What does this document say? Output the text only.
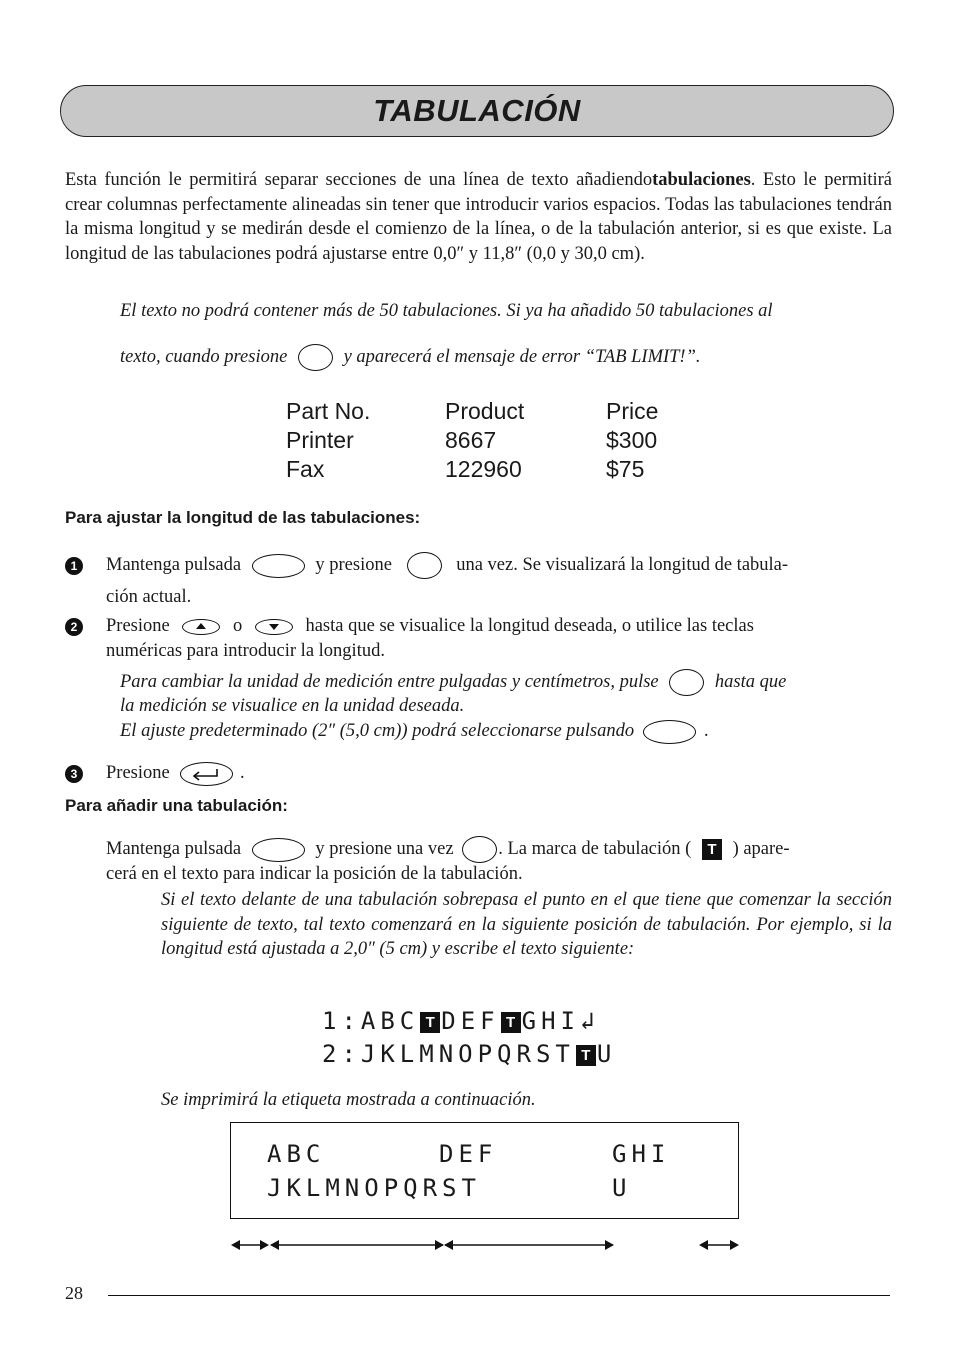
TABULACIÓN
Esta función le permitirá separar secciones de una línea de texto añadiendotabulaciones. Esto le permitirá crear columnas perfectamente alineadas sin tener que introducir varios espacios. Todas las tabulaciones tendrán la misma longitud y se medirán desde el comienzo de la línea, o de la tabulación anterior, si es que existe. La longitud de las tabulaciones podrá ajustarse entre 0,0″ y 11,8″ (0,0 y 30,0 cm).
El texto no podrá contener más de 50 tabulaciones. Si ya ha añadido 50 tabulaciones al
texto, cuando presione	y aparecerá el mensaje de error “TAB LIMIT!”.
Part No.	Product	Price
Printer	8667	$300
Fax	122960	$75
Para ajustar la longitud de las tabulaciones:
1	Mantenga pulsada	y presione	una vez. Se visualizará la longitud de tabula-
ción actual.
2	Presione	o	hasta que se visualice la longitud deseada, o utilice las teclas
numéricas para introducir la longitud.
Para cambiar la unidad de medición entre pulgadas y centímetros, pulse	hasta que
la medición se visualice en la unidad deseada.
El ajuste predeterminado (2″ (5,0 cm)) podrá seleccionarse pulsando	.
3	Presione	.
Para añadir una tabulación:
Mantenga pulsada	y presione una vez . La marca de tabulación ( T ) apare-
cerá en el texto para indicar la posición de la tabulación.
Si el texto delante de una tabulación sobrepasa el punto en el que tiene que comenzar la sección siguiente de texto, tal texto comenzará en la siguiente posición de tabulación. Por ejemplo, si la longitud está ajustada a 2,0″ (5 cm) y escribe el texto siguiente:
1:ABC T DEF T GHI↲
2:JKLMNOPQRST T U
Se imprimirá la etiqueta mostrada a continuación.
ABC	DEF	GHI
JKLMNOPQRST	U
28
